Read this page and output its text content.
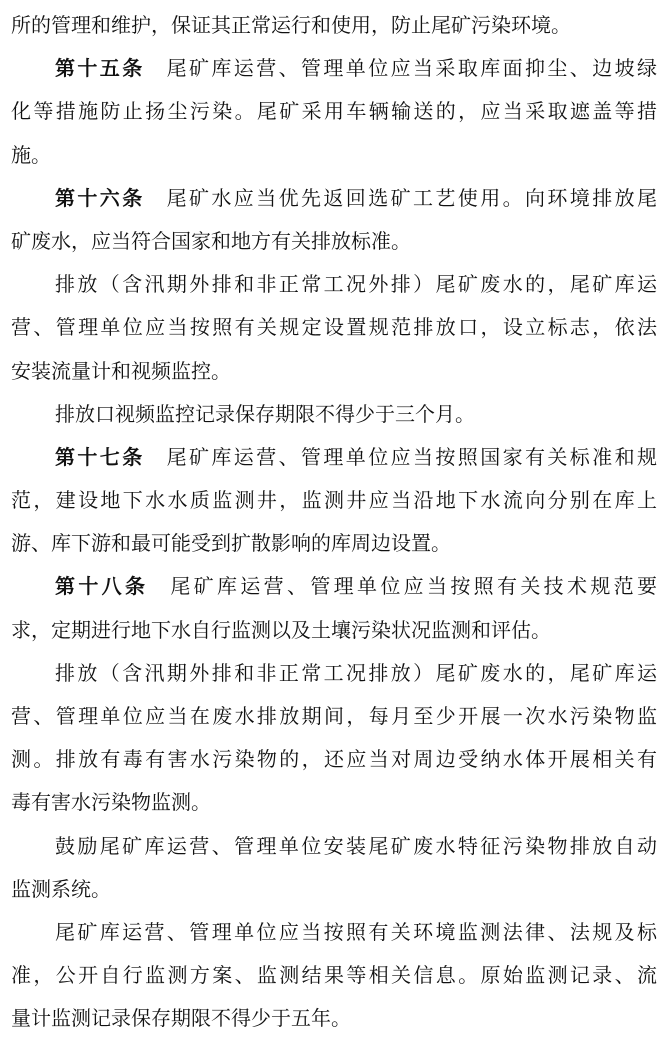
所的管理和维护，保证其正常运行和使用，防止尾矿污染环境。
第十五条 尾矿库运营、管理单位应当采取库面抑尘、边坡绿
化等措施防止扬尘污染。尾矿采用车辆输送的，应当采取遮盖等措
施。
第十六条 尾矿水应当优先返回选矿工艺使用。向环境排放尾
矿废水，应当符合国家和地方有关排放标准。
排放（含汛期外排和非正常工况外排）尾矿废水的，尾矿库运
营、管理单位应当按照有关规定设置规范排放口，设立标志，依法
安装流量计和视频监控。
排放口视频监控记录保存期限不得少于三个月。
第十七条 尾矿库运营、管理单位应当按照国家有关标准和规
范，建设地下水水质监测井，监测井应当沿地下水流向分别在库上
游、库下游和最可能受到扩散影响的库周边设置。
第十八条 尾矿库运营、管理单位应当按照有关技术规范要
求，定期进行地下水自行监测以及土壤污染状况监测和评估。
排放（含汛期外排和非正常工况排放）尾矿废水的，尾矿库运
营、管理单位应当在废水排放期间，每月至少开展一次水污染物监
测。排放有毒有害水污染物的，还应当对周边受纳水体开展相关有
毒有害水污染物监测。
鼓励尾矿库运营、管理单位安装尾矿废水特征污染物排放自动
监测系统。
尾矿库运营、管理单位应当按照有关环境监测法律、法规及标
准，公开自行监测方案、监测结果等相关信息。原始监测记录、流
量计监测记录保存期限不得少于五年。
